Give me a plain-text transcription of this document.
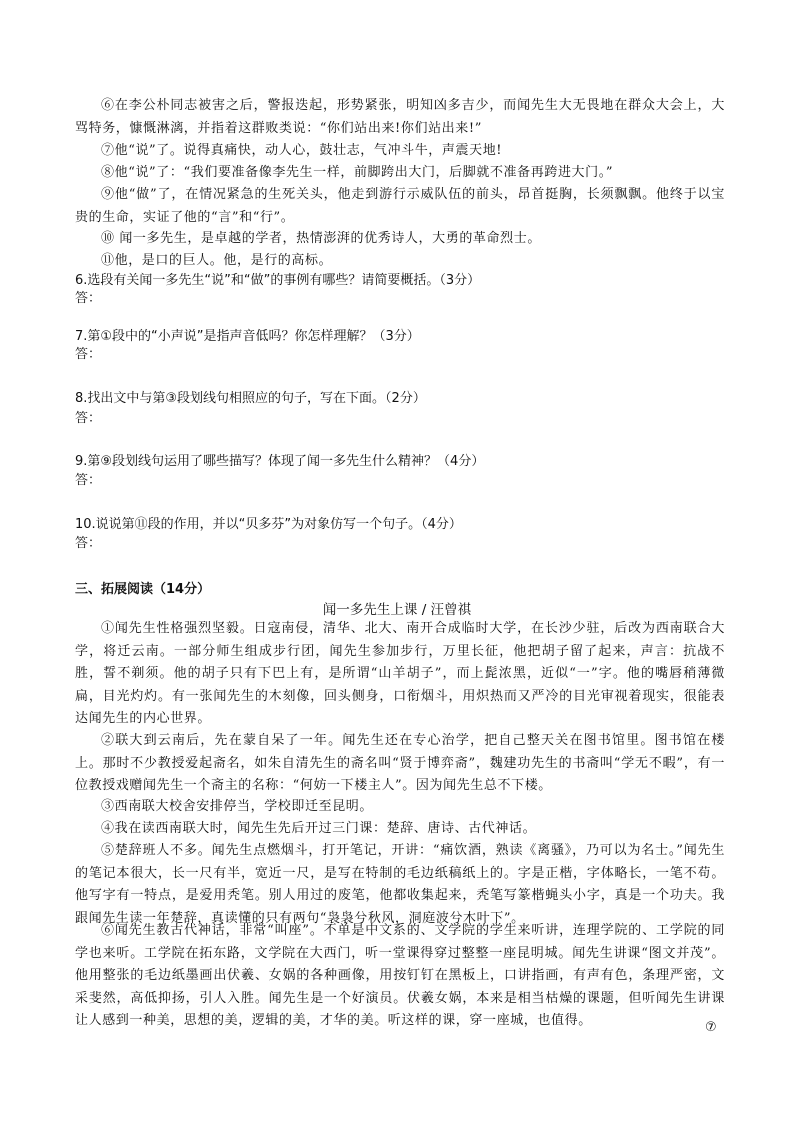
⑥在李公朴同志被害之后，警报迭起，形势紧张，明知凶多吉少，而闻先生大无畏地在群众大会上，大骂特务，慷慨淋漓，并指着这群败类说：“你们站出来!你们站出来!”
⑦他“说”了。说得真痛快，动人心，鼓壮志，气冲斗牛，声震天地!
⑧他“说”了：“我们要准备像李先生一样，前脚跨出大门，后脚就不准备再跨进大门。”
⑨他“做”了，在情况紧急的生死关头，他走到游行示威队伍的前头，昂首挺胸，长须飘飘。他终于以宝贵的生命，实证了他的“言”和“行”。
⑩ 闻一多先生，是卓越的学者，热情澎湃的优秀诗人，大勇的革命烈士。
⑪他，是口的巨人。他，是行的高标。
6.选段有关闻一多先生“说”和“做”的事例有哪些？请简要概括。（3分）
答：
7.第①段中的“小声说”是指声音低吗？你怎样理解？（3分）
答：
8.找出文中与第③段划线句相照应的句子，写在下面。（2分）
答：
9.第⑨段划线句运用了哪些描写？体现了闻一多先生什么精神？（4分）
答：
10.说说第⑪段的作用，并以“贝多芬”为对象仿写一个句子。（4分）
答：
三、拓展阅读（14分）
闻一多先生上课 / 汪曾祺
①闻先生性格强烈坚毅。日寇南侵，清华、北大、南开合成临时大学，在长沙少驻，后改为西南联合大学，将迁云南。一部分师生组成步行团，闻先生参加步行，万里长征，他把胡子留了起来，声言：抗战不胜，誓不剃须。他的胡子只有下巴上有，是所谓“山羊胡子”，而上髭浓黑，近似“一”字。他的嘴唇稍薄微扁，目光灼灼。有一张闻先生的木刻像，回头侧身，口衔烟斗，用炽热而又严冷的目光审视着现实，很能表达闻先生的内心世界。
②联大到云南后，先在蒙自呆了一年。闻先生还在专心治学，把自己整天关在图书馆里。图书馆在楼上。那时不少教授爱起斋名，如朱自清先生的斋名叫“贤于博弈斋”，魏建功先生的书斋叫“学无不暇”，有一位教授戏赠闻先生一个斋主的名称：“何妨一下楼主人”。因为闻先生总不下楼。
③西南联大校舍安排停当，学校即迁至昆明。
④我在读西南联大时，闻先生先后开过三门课：楚辞、唐诗、古代神话。
⑤楚辞班人不多。闻先生点燃烟斗，打开笔记，开讲：“痛饮酒，熟读《离骚》，乃可以为名士。”闻先生的笔记本很大，长一尺有半，宽近一尺，是写在特制的毛边纸稿纸上的。字是正楷，字体略长，一笔不苟。他写字有一特点，是爱用秃笔。别人用过的废笔，他都收集起来，秃笔写篆楷蝇头小字，真是一个功夫。我跟闻先生读一年楚辞，真读懂的只有两句“袅袅兮秋风，洞庭波兮木叶下”。
⑥闻先生教古代神话，非常“叫座”。不单是中文系的、文学院的学生来听讲，连理学院的、工学院的同学也来听。工学院在拓东路，文学院在大西门，听一堂课得穿过整整一座昆明城。闻先生讲课“图文并茂”。他用整张的毛边纸墨画出伏羲、女娲的各种画像，用按钉钉在黑板上，口讲指画，有声有色，条理严密，文采斐然，高低抑扬，引人入胜。闻先生是一个好演员。伏羲女娲，本来是相当枯燥的课题，但听闻先生讲课让人感到一种美，思想的美，逻辑的美，才华的美。听这样的课，穿一座城，也值得。	⑦
